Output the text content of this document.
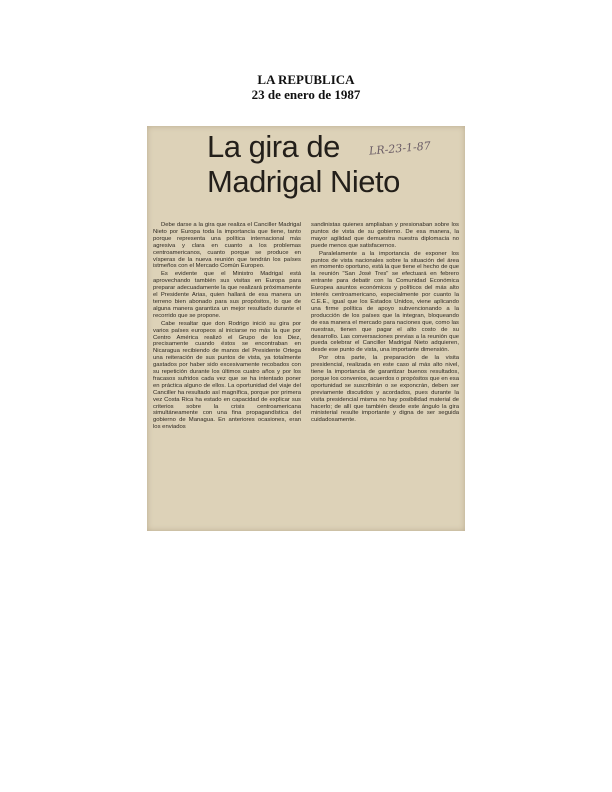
LA REPUBLICA
23 de enero de 1987
La gira de
Madrigal Nieto
LR-23-1-87

Debe darse a la gira que realiza el Canciller Madrigal Nieto por Europa toda la importancia que tiene, tanto porque representa una política internacional más agresiva y clara en cuanto a los problemas centroamericanos, cuanto porque se produce en vísperas de la nueva reunión que tendrán los países istmeños con el Mercado Común Europeo.

Es evidente que el Ministro Madrigal está aprovechando también sus visitas en Europa para preparar adecuadamente la que realizará próximamente el Presidente Arias, quien hallará de esa manera un terreno bien abonado para sus propósitos, lo que de alguna manera garantiza un mejor resultado durante el recorrido que se propone.

Cabe resaltar que don Rodrigo inició su gira por varios países europeos al iniciarse no más la que por Centro América realizó el Grupo de los Diez, precisamente cuando éstos se encontraban en Nicaragua recibiendo de manos del Presidente Ortega una reiteración de sus puntos de vista, ya totalmente gastados por haber sido excesivamente recobados con su repetición durante los últimos cuatro años y por los fracasos sufridos cada vez que se ha intentado poner en práctica alguno de ellos. La oportunidad del viaje del Canciller ha resultado así magnífica, porque por primera vez Costa Rica ha estado en capacidad de explicar sus criterios sobre la crisis centroamericana simultáneamente con una fina propagandística del gobierno de Managua. En anteriores ocasiones, eran los enviados

sandinistas quienes ampliaban y presionaban sobre los puntos de vista de su gobierno. De esa manera, la mayor agilidad que demuestra nuestra diplomacia no puede menos que satisfacernos.

Paralelamente a la importancia de exponer los puntos de vista nacionales sobre la situación del área en momento oportuno, está la que tiene el hecho de que la reunión "San José Tres" se efectuará en febrero entrante para debatir con la Comunidad Económica Europea asuntos económicos y políticos del más alto interés centroamericano, especialmente por cuanto la C.E.E., igual que los Estados Unidos, viene aplicando una firme política de apoyo subvencionando a la producción de los países que la integran, bloqueando de esa manera el mercado para naciones que, como las nuestras, tienen que pagar el alto costo de su desarrollo. Las conversaciones previas a la reunión que pueda celebrar el Canciller Madrigal Nieto adquieren, desde ese punto de vista, una importante dimensión.

Por otra parte, la preparación de la visita presidencial, realizada en este caso al más alto nivel, tiene la importancia de garantizar buenos resultados, porque los convenios, acuerdos o propósitos que en esa oportunidad se suscribirán o se exponcrán, deben ser previamente discutidos y acordados, pues durante la visita presidencial misma no hay posibilidad material de hacerlo; de allí que también desde este ángulo la gira ministerial resulte importante y digna de ser seguida cuidadosamente.
